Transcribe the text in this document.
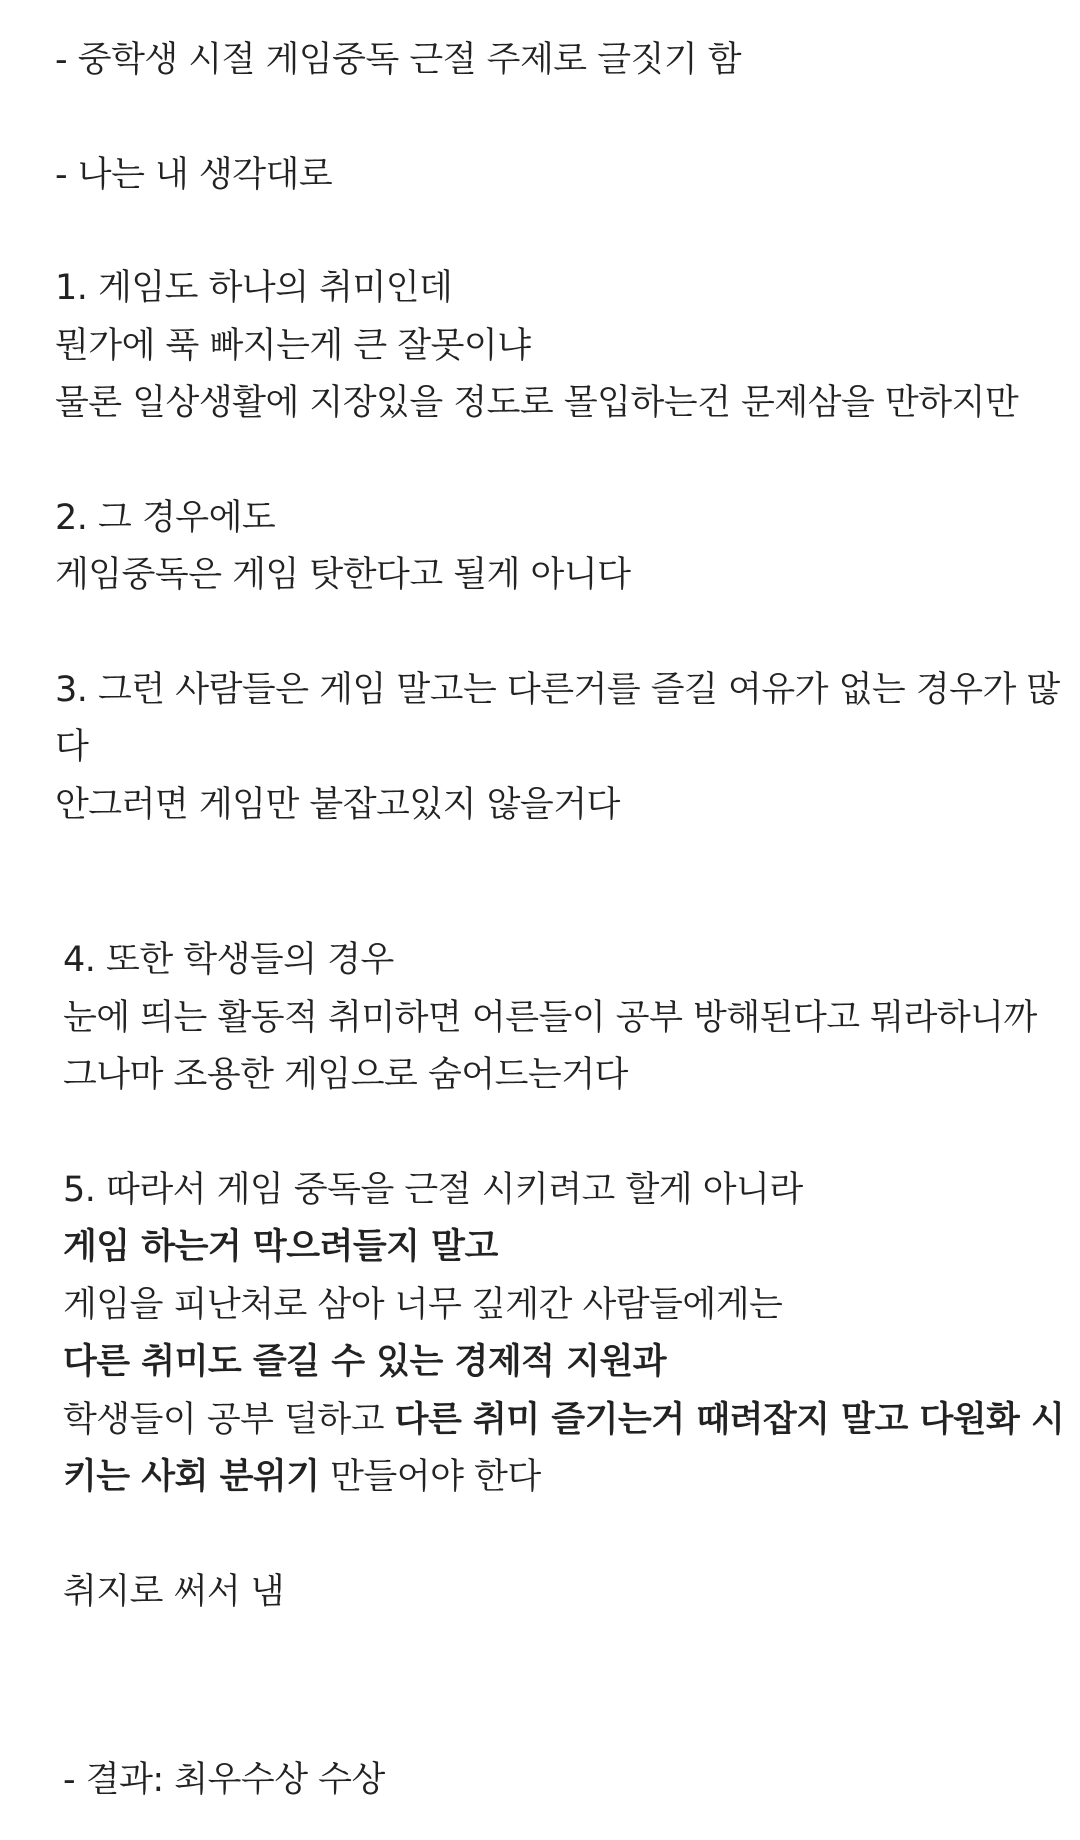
- 중학생 시절 게임중독 근절 주제로 글짓기 함
- 나는 내 생각대로
1. 게임도 하나의 취미인데
뭔가에 푹 빠지는게 큰 잘못이냐
물론 일상생활에 지장있을 정도로 몰입하는건 문제삼을 만하지만
2. 그 경우에도
게임중독은 게임 탓한다고 될게 아니다
3. 그런 사람들은 게임 말고는 다른거를 즐길 여유가 없는 경우가 많
다
안그러면 게임만 붙잡고있지 않을거다
4. 또한 학생들의 경우
눈에 띄는 활동적 취미하면 어른들이 공부 방해된다고 뭐라하니까
그나마 조용한 게임으로 숨어드는거다
5. 따라서 게임 중독을 근절 시키려고 할게 아니라
게임 하는거 막으려들지 말고
게임을 피난처로 삼아 너무 깊게간 사람들에게는
다른 취미도 즐길 수 있는 경제적 지원과
학생들이 공부 덜하고 다른 취미 즐기는거 때려잡지 말고 다원화 시
키는 사회 분위기 만들어야 한다
취지로 써서 냄
- 결과: 최우수상 수상
